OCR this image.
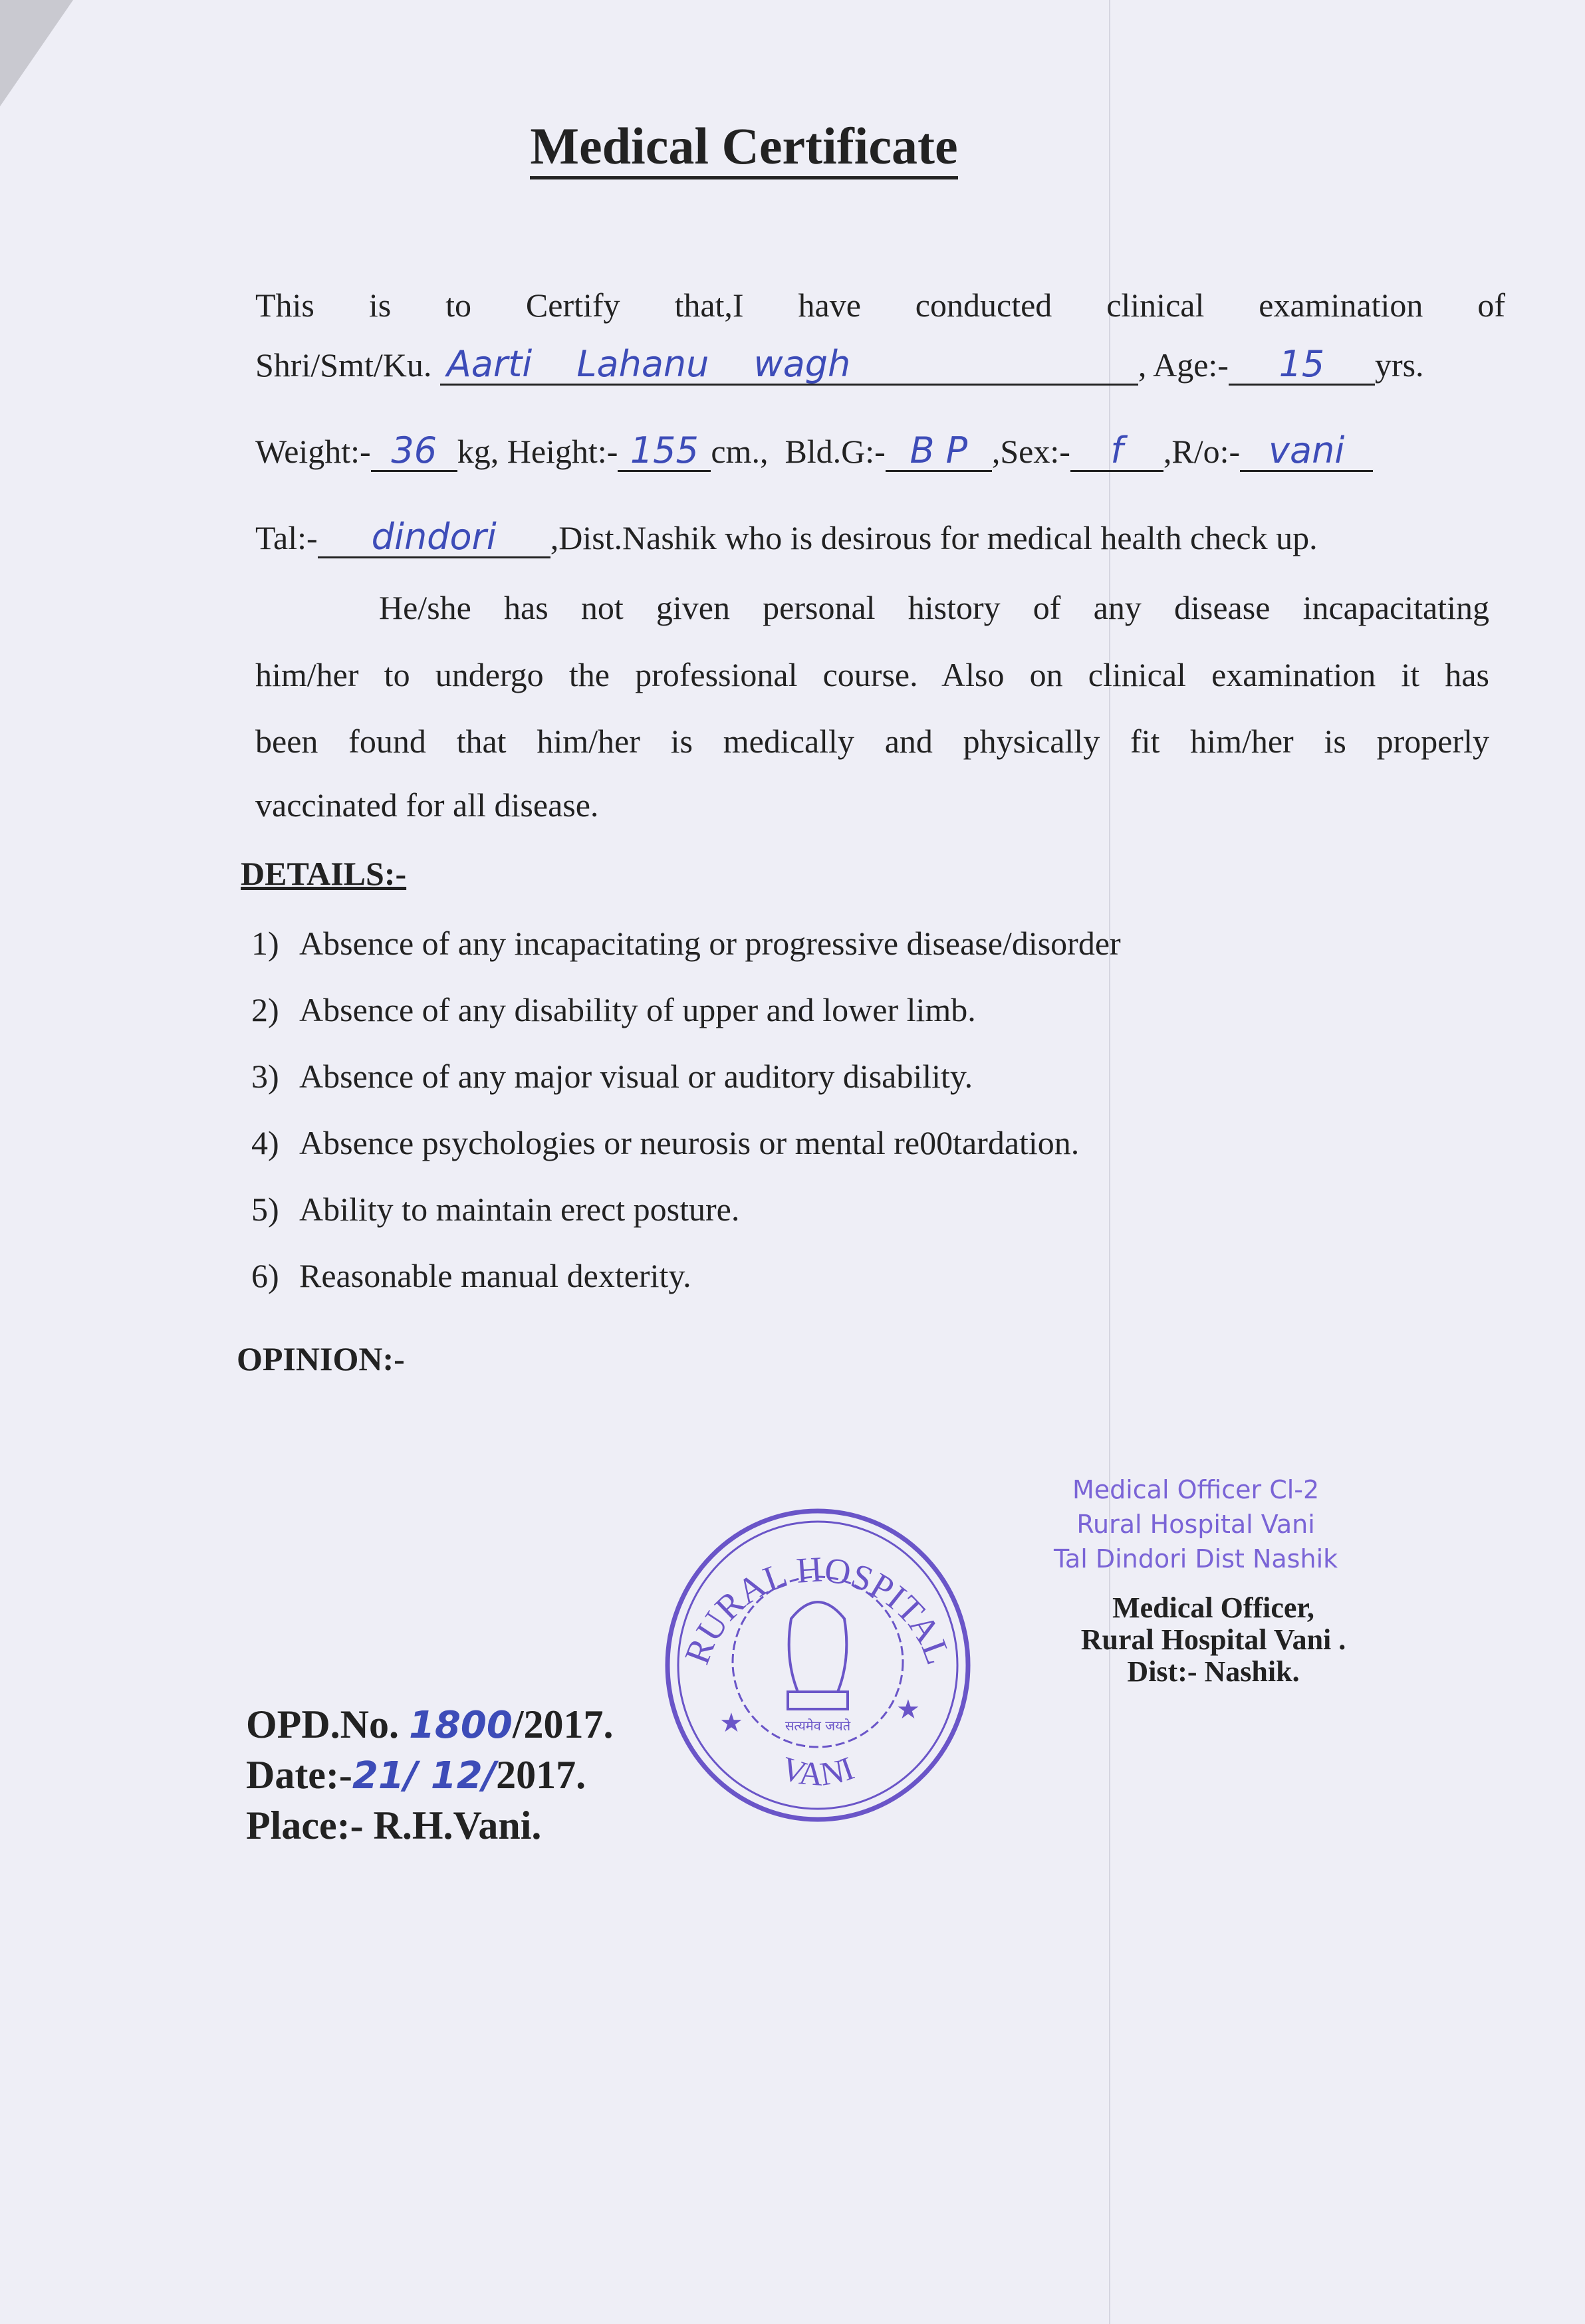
Medical Certificate
This is to Certify that,I have conducted clinical examination of
Shri/Smt/Ku. Aarti Lahanu wagh	, Age:- 15 yrs.
Weight:- 36 kg, Height:- 155 cm.,  Bld.G:- B P ,Sex:- f ,R/o:- vani
Tal:- dindori ,Dist.Nashik who is desirous for medical health check up.
He/she has not given personal history of any disease incapacitating
him/her to undergo the professional course. Also on clinical examination it has
been found that him/her is medically and physically fit him/her is properly
vaccinated for all disease.
DETAILS:-
1) Absence of any incapacitating or progressive disease/disorder
2) Absence of any disability of upper and lower limb.
3) Absence of any major visual or auditory disability.
4) Absence psychologies or neurosis or mental re00tardation.
5) Ability to maintain erect posture.
6) Reasonable manual dexterity.
OPINION:-
RURAL HOSPITAL
VANI
सत्यमेव जयते
★	★
Medical Officer Cl-2
Rural Hospital Vani
Tal Dindori Dist Nashik
Medical Officer,
Rural Hospital Vani .
Dist:- Nashik.
OPD.No. 1800/2017.
Date:-21/ 12/2017.
Place:- R.H.Vani.
